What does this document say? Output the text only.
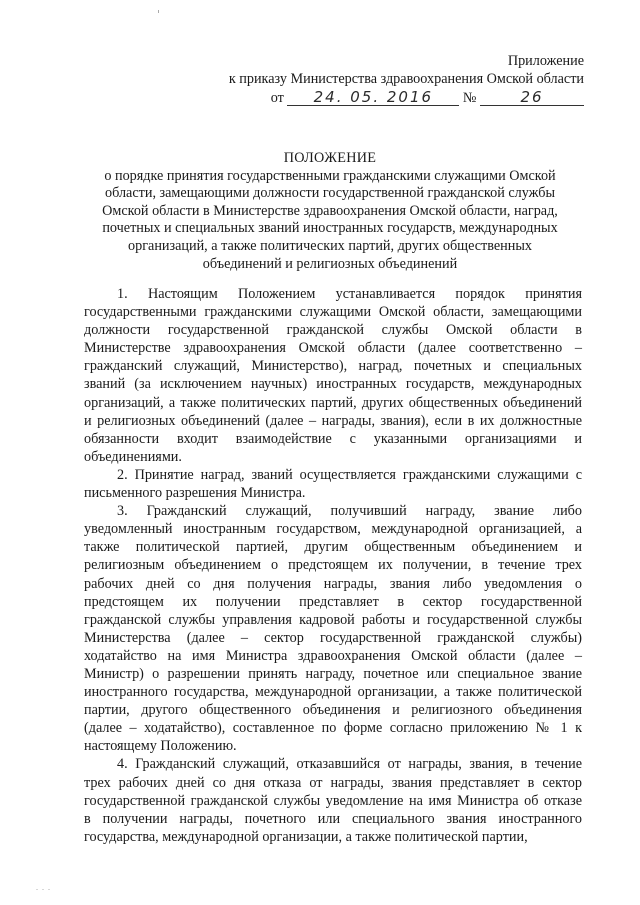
Приложение
к приказу Министерства здравоохранения Омской области
от 24. 05. 2016 №	26
ПОЛОЖЕНИЕ
о порядке принятия государственными гражданскими служащими Омской
области, замещающими должности государственной гражданской службы
Омской области в Министерстве здравоохранения Омской области, наград,
почетных и специальных званий иностранных государств, международных
организаций, а также политических партий, других общественных
объединений и религиозных объединений
1. Настоящим Положением устанавливается порядок принятия
государственными гражданскими служащими Омской области, замещающими
должности государственной гражданской службы Омской области в
Министерстве здравоохранения Омской области (далее соответственно –
гражданский служащий, Министерство), наград, почетных и специальных
званий (за исключением научных) иностранных государств, международных
организаций, а также политических партий, других общественных объединений
и религиозных объединений (далее – награды, звания), если в их должностные
обязанности входит взаимодействие с указанными организациями и
объединениями.
2. Принятие наград, званий осуществляется гражданскими служащими с
письменного разрешения Министра.
3. Гражданский служащий, получивший награду, звание либо
уведомленный иностранным государством, международной организацией, а
также политической партией, другим общественным объединением и
религиозным объединением о предстоящем их получении, в течение трех
рабочих дней со дня получения награды, звания либо уведомления о
предстоящем их получении представляет в сектор государственной
гражданской службы управления кадровой работы и государственной службы
Министерства (далее – сектор государственной гражданской службы)
ходатайство на имя Министра здравоохранения Омской области (далее –
Министр) о разрешении принять награду, почетное или специальное звание
иностранного государства, международной организации, а также политической
партии, другого общественного объединения и религиозного объединения
(далее – ходатайство), составленное по форме согласно приложению № 1 к
настоящему Положению.
4. Гражданский служащий, отказавшийся от награды, звания, в течение
трех рабочих дней со дня отказа от награды, звания представляет в сектор
государственной гражданской службы уведомление на имя Министра об отказе
в получении награды, почетного или специального звания иностранного
государства, международной организации, а также политической партии,
. . .
